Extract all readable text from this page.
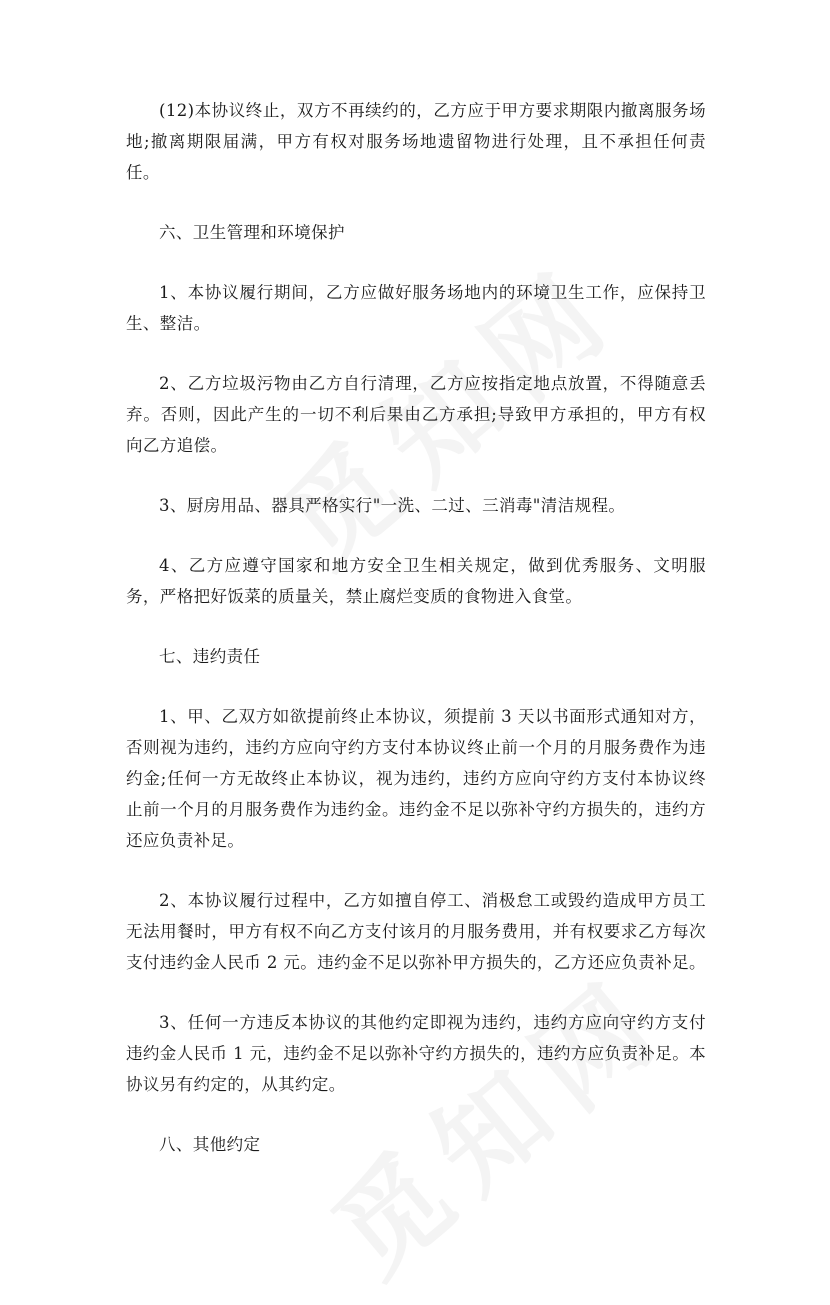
(12)本协议终止，双方不再续约的，乙方应于甲方要求期限内撤离服务场地;撤离期限届满，甲方有权对服务场地遗留物进行处理，且不承担任何责任。

六、卫生管理和环境保护

1、本协议履行期间，乙方应做好服务场地内的环境卫生工作，应保持卫生、整洁。

2、乙方垃圾污物由乙方自行清理，乙方应按指定地点放置，不得随意丢弃。否则，因此产生的一切不利后果由乙方承担;导致甲方承担的，甲方有权向乙方追偿。

3、厨房用品、器具严格实行"一洗、二过、三消毒"清洁规程。

4、乙方应遵守国家和地方安全卫生相关规定，做到优秀服务、文明服务，严格把好饭菜的质量关，禁止腐烂变质的食物进入食堂。

七、违约责任

1、甲、乙双方如欲提前终止本协议，须提前 3 天以书面形式通知对方，否则视为违约，违约方应向守约方支付本协议终止前一个月的月服务费作为违约金;任何一方无故终止本协议，视为违约，违约方应向守约方支付本协议终止前一个月的月服务费作为违约金。违约金不足以弥补守约方损失的，违约方还应负责补足。

2、本协议履行过程中，乙方如擅自停工、消极怠工或毁约造成甲方员工无法用餐时，甲方有权不向乙方支付该月的月服务费用，并有权要求乙方每次支付违约金人民币 2 元。违约金不足以弥补甲方损失的，乙方还应负责补足。

3、任何一方违反本协议的其他约定即视为违约，违约方应向守约方支付违约金人民币 1 元，违约金不足以弥补守约方损失的，违约方应负责补足。本协议另有约定的，从其约定。

八、其他约定
